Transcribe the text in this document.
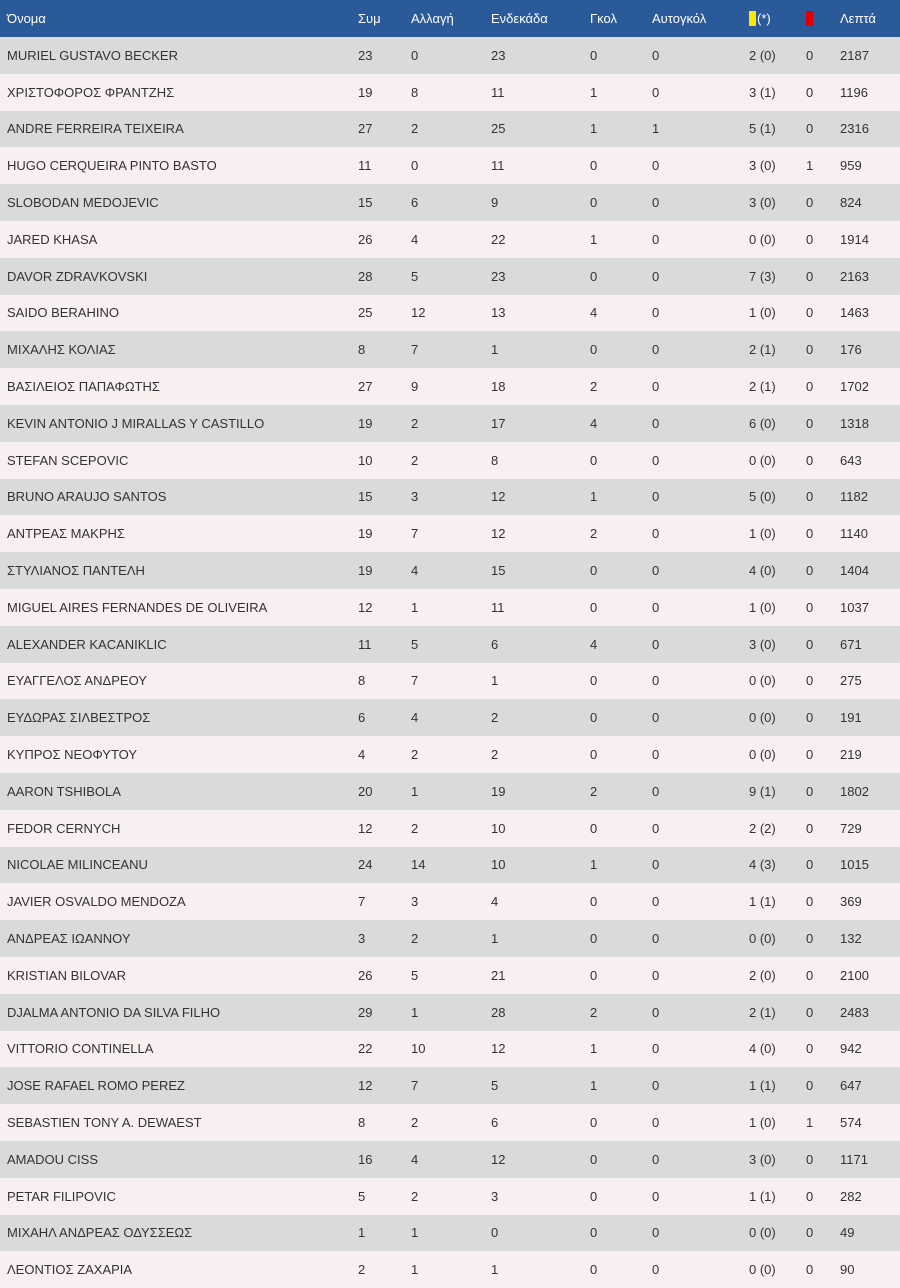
Όνομα	Συμ	Αλλαγή	Ενδεκάδα	Γκολ	Αυτογκόλ	(*)		Λεπτά
MURIEL GUSTAVO BECKER	23	0	23	0	0	2 (0)	0	2187
ΧΡΙΣΤΟΦΟΡΟΣ ΦΡΑΝΤΖΗΣ	19	8	11	1	0	3 (1)	0	1196
ANDRE FERREIRA TEIXEIRA	27	2	25	1	1	5 (1)	0	2316
HUGO CERQUEIRA PINTO BASTO	11	0	11	0	0	3 (0)	1	959
SLOBODAN MEDOJEVIC	15	6	9	0	0	3 (0)	0	824
JARED KHASA	26	4	22	1	0	0 (0)	0	1914
DAVOR ZDRAVKOVSKI	28	5	23	0	0	7 (3)	0	2163
SAIDO BERAHINO	25	12	13	4	0	1 (0)	0	1463
ΜΙΧΑΛΗΣ ΚΟΛΙΑΣ	8	7	1	0	0	2 (1)	0	176
ΒΑΣΙΛΕΙΟΣ ΠΑΠΑΦΩΤΗΣ	27	9	18	2	0	2 (1)	0	1702
KEVIN ANTONIO J MIRALLAS Y CASTILLO	19	2	17	4	0	6 (0)	0	1318
STEFAN SCEPOVIC	10	2	8	0	0	0 (0)	0	643
BRUNO ARAUJO SANTOS	15	3	12	1	0	5 (0)	0	1182
ΑΝΤΡΕΑΣ ΜΑΚΡΗΣ	19	7	12	2	0	1 (0)	0	1140
ΣΤΥΛΙΑΝΟΣ ΠΑΝΤΕΛΗ	19	4	15	0	0	4 (0)	0	1404
MIGUEL AIRES FERNANDES DE OLIVEIRA	12	1	11	0	0	1 (0)	0	1037
ALEXANDER KACANIKLIC	11	5	6	4	0	3 (0)	0	671
ΕΥΑΓΓΕΛΟΣ ΑΝΔΡΕΟΥ	8	7	1	0	0	0 (0)	0	275
ΕΥΔΩΡΑΣ ΣΙΛΒΕΣΤΡΟΣ	6	4	2	0	0	0 (0)	0	191
ΚΥΠΡΟΣ ΝΕΟΦΥΤΟΥ	4	2	2	0	0	0 (0)	0	219
AARON TSHIBOLA	20	1	19	2	0	9 (1)	0	1802
FEDOR CERNYCH	12	2	10	0	0	2 (2)	0	729
NICOLAE MILINCEANU	24	14	10	1	0	4 (3)	0	1015
JAVIER OSVALDO MENDOZA	7	3	4	0	0	1 (1)	0	369
ΑΝΔΡΕΑΣ ΙΩΑΝΝΟΥ	3	2	1	0	0	0 (0)	0	132
KRISTIAN BILOVAR	26	5	21	0	0	2 (0)	0	2100
DJALMA ANTONIO DA SILVA FILHO	29	1	28	2	0	2 (1)	0	2483
VITTORIO CONTINELLA	22	10	12	1	0	4 (0)	0	942
JOSE RAFAEL ROMO PEREZ	12	7	5	1	0	1 (1)	0	647
SEBASTIEN TONY A. DEWAEST	8	2	6	0	0	1 (0)	1	574
AMADOU CISS	16	4	12	0	0	3 (0)	0	1171
PETAR FILIPOVIC	5	2	3	0	0	1 (1)	0	282
ΜΙΧΑΗΛ ΑΝΔΡΕΑΣ ΟΔΥΣΣΕΩΣ	1	1	0	0	0	0 (0)	0	49
ΛΕΟΝΤΙΟΣ ΖΑΧΑΡΙΑ	2	1	1	0	0	0 (0)	0	90
